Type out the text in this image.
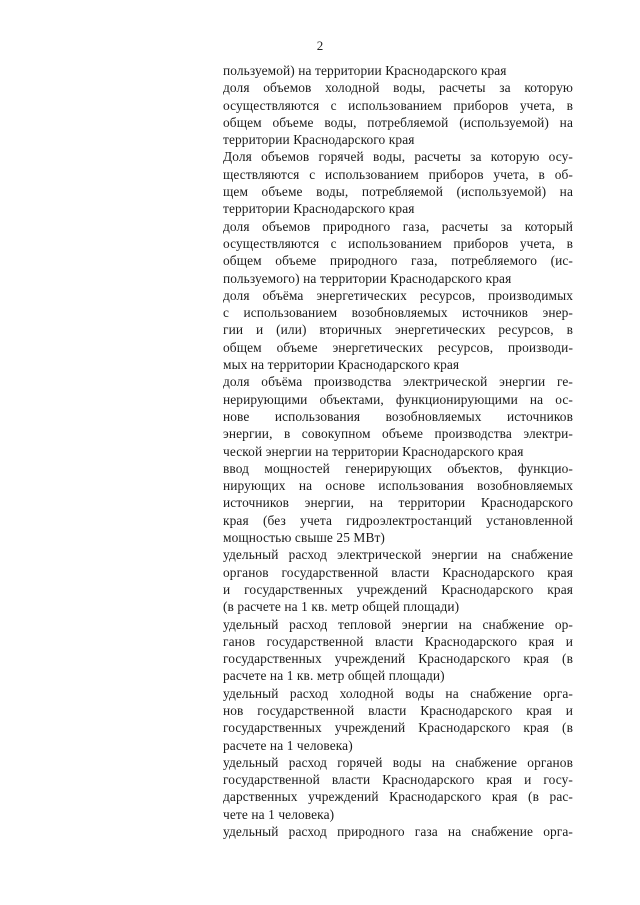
2
пользуемой) на территории Краснодарского края
доля объемов холодной воды, расчеты за которую
осуществляются с использованием приборов учета, в
общем объеме воды, потребляемой (используемой) на
территории Краснодарского края
Доля объемов горячей воды, расчеты за которую осу-
ществляются с использованием приборов учета, в об-
щем объеме воды, потребляемой (используемой) на
территории Краснодарского края
доля объемов природного газа, расчеты за который
осуществляются с использованием приборов учета, в
общем объеме природного газа, потребляемого (ис-
пользуемого) на территории Краснодарского края
доля объёма энергетических ресурсов, производимых
с использованием возобновляемых источников энер-
гии и (или) вторичных энергетических ресурсов, в
общем объеме энергетических ресурсов, производи-
мых на территории Краснодарского края
доля объёма производства электрической энергии ге-
нерирующими объектами, функционирующими на ос-
нове использования возобновляемых источников
энергии, в совокупном объеме производства электри-
ческой энергии на территории Краснодарского края
ввод мощностей генерирующих объектов, функцио-
нирующих на основе использования возобновляемых
источников энергии, на территории Краснодарского
края (без учета гидроэлектростанций установленной
мощностью свыше 25 МВт)
удельный расход электрической энергии на снабжение
органов государственной власти Краснодарского края
и государственных учреждений Краснодарского края
(в расчете на 1 кв. метр общей площади)
удельный расход тепловой энергии на снабжение ор-
ганов государственной власти Краснодарского края и
государственных учреждений Краснодарского края (в
расчете на 1 кв. метр общей площади)
удельный расход холодной воды на снабжение орга-
нов государственной власти Краснодарского края и
государственных учреждений Краснодарского края (в
расчете на 1 человека)
удельный расход горячей воды на снабжение органов
государственной власти Краснодарского края и госу-
дарственных учреждений Краснодарского края (в рас-
чете на 1 человека)
удельный расход природного газа на снабжение орга-
